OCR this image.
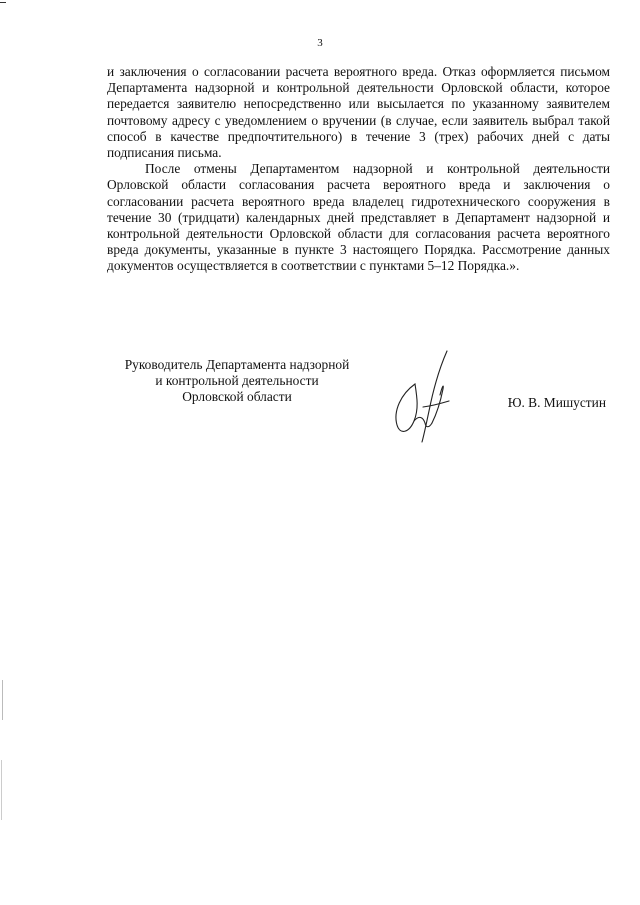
3

и заключения о согласовании расчета вероятного вреда. Отказ оформляется письмом Департамента надзорной и контрольной деятельности Орловской области, которое передается заявителю непосредственно или высылается по указанному заявителем почтовому адресу с уведомлением о вручении (в случае, если заявитель выбрал такой способ в качестве предпочтительного) в течение 3 (трех) рабочих дней с даты подписания письма.

После отмены Департаментом надзорной и контрольной деятельности Орловской области согласования расчета вероятного вреда и заключения о согласовании расчета вероятного вреда владелец гидротехнического сооружения в течение 30 (тридцати) календарных дней представляет в Департамент надзорной и контрольной деятельности Орловской области для согласования расчета вероятного вреда документы, указанные в пункте 3 настоящего Порядка. Рассмотрение данных документов осуществляется в соответствии с пунктами 5–12 Порядка.».

Руководитель Департамента надзорной
и контрольной деятельности
Орловской области	Ю. В. Мишустин
